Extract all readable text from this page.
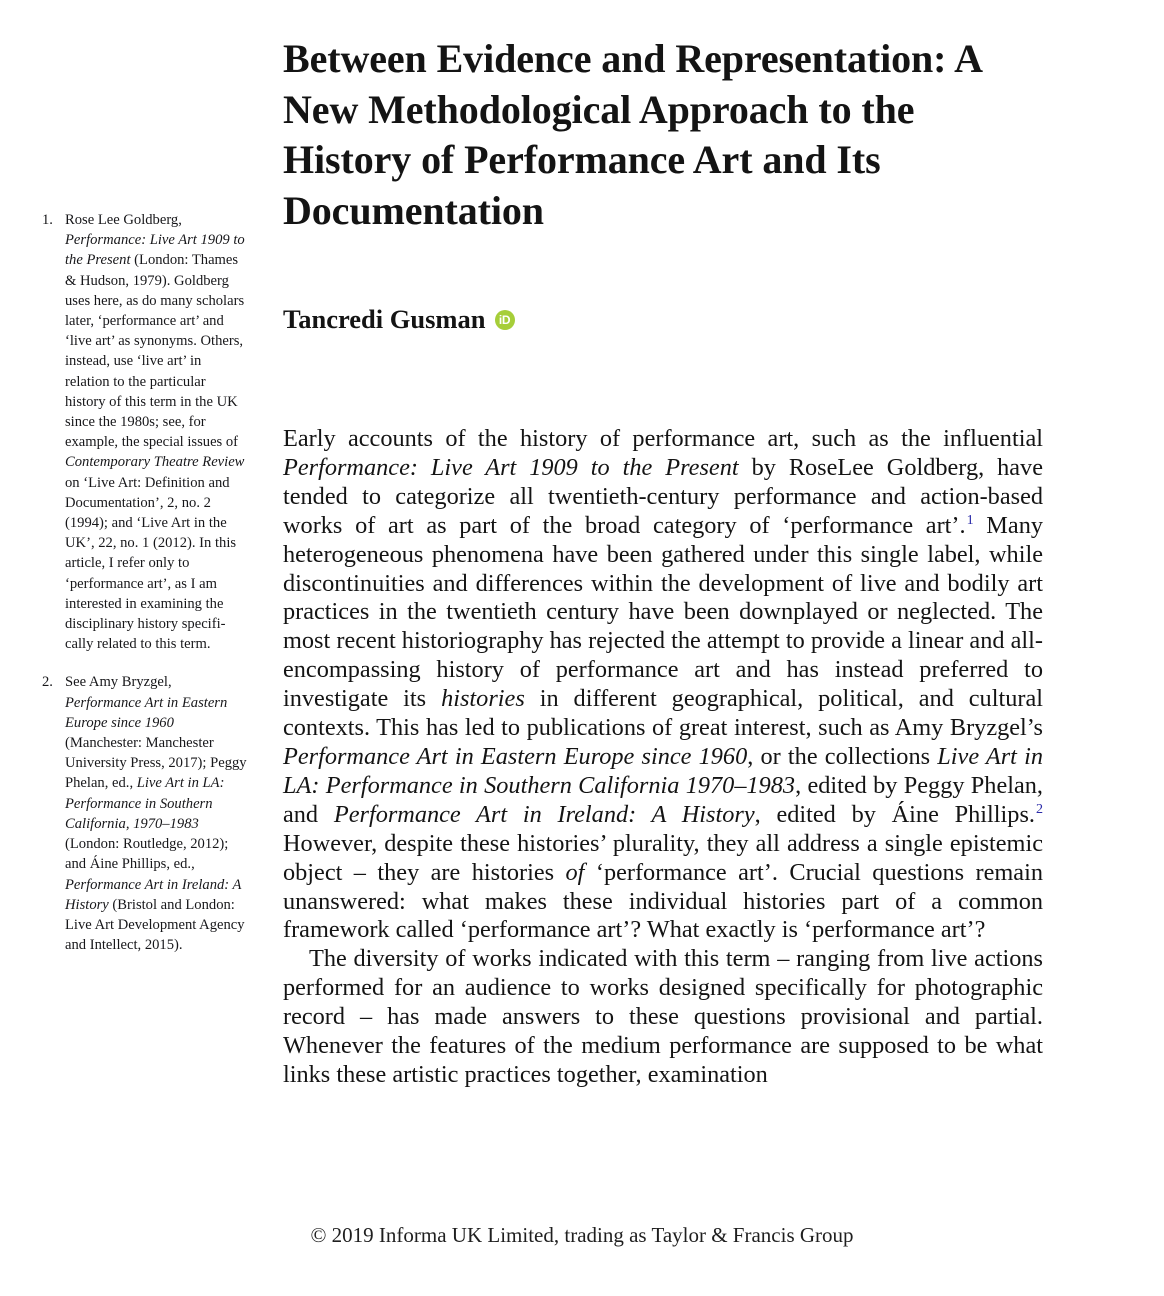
1. Rose Lee Goldberg, Performance: Live Art 1909 to the Present (London: Thames & Hudson, 1979). Goldberg uses here, as do many scholars later, ‘performance art’ and ‘live art’ as synonyms. Others, instead, use ‘live art’ in relation to the particular history of this term in the UK since the 1980s; see, for example, the special issues of Contemporary Theatre Review on ‘Live Art: Definition and Documentation’, 2, no. 2 (1994); and ‘Live Art in the UK’, 22, no. 1 (2012). In this article, I refer only to ‘performance art’, as I am interested in examining the disciplinary history specifically related to this term.
2. See Amy Bryzgel, Performance Art in Eastern Europe since 1960 (Manchester: Manchester University Press, 2017); Peggy Phelan, ed., Live Art in LA: Performance in Southern California, 1970–1983 (London: Routledge, 2012); and Áine Phillips, ed., Performance Art in Ireland: A History (Bristol and London: Live Art Development Agency and Intellect, 2015).
Between Evidence and Representation: A New Methodological Approach to the History of Performance Art and Its Documentation
Tancredi Gusman	iD

Early accounts of the history of performance art, such as the influential Performance: Live Art 1909 to the Present by RoseLee Goldberg, have tended to categorize all twentieth-century performance and action-based works of art as part of the broad category of ‘performance art’.$^1$ Many heterogeneous phenomena have been gathered under this single label, while discontinuities and differences within the development of live and bodily art practices in the twentieth century have been downplayed or neglected. The most recent historiography has rejected the attempt to provide a linear and all-encompassing history of performance art and has instead preferred to investigate its histories in different geographical, political, and cultural contexts. This has led to publications of great interest, such as Amy Bryzgel’s Performance Art in Eastern Europe since 1960, or the collections Live Art in LA: Performance in Southern California 1970–1983, edited by Peggy Phelan, and Performance Art in Ireland: A History, edited by Áine Phillips.$^2$ However, despite these histories’ plurality, they all address a single epistemic object – they are histories of ‘performance art’. Crucial questions remain unanswered: what makes these individual histories part of a common framework called ‘performance art’? What exactly is ‘performance art’?

The diversity of works indicated with this term – ranging from live actions performed for an audience to works designed specifically for photographic record – has made answers to these questions provisional and partial. Whenever the features of the medium performance are supposed to be what links these artistic practices together, examination

© 2019 Informa UK Limited, trading as Taylor & Francis Group
